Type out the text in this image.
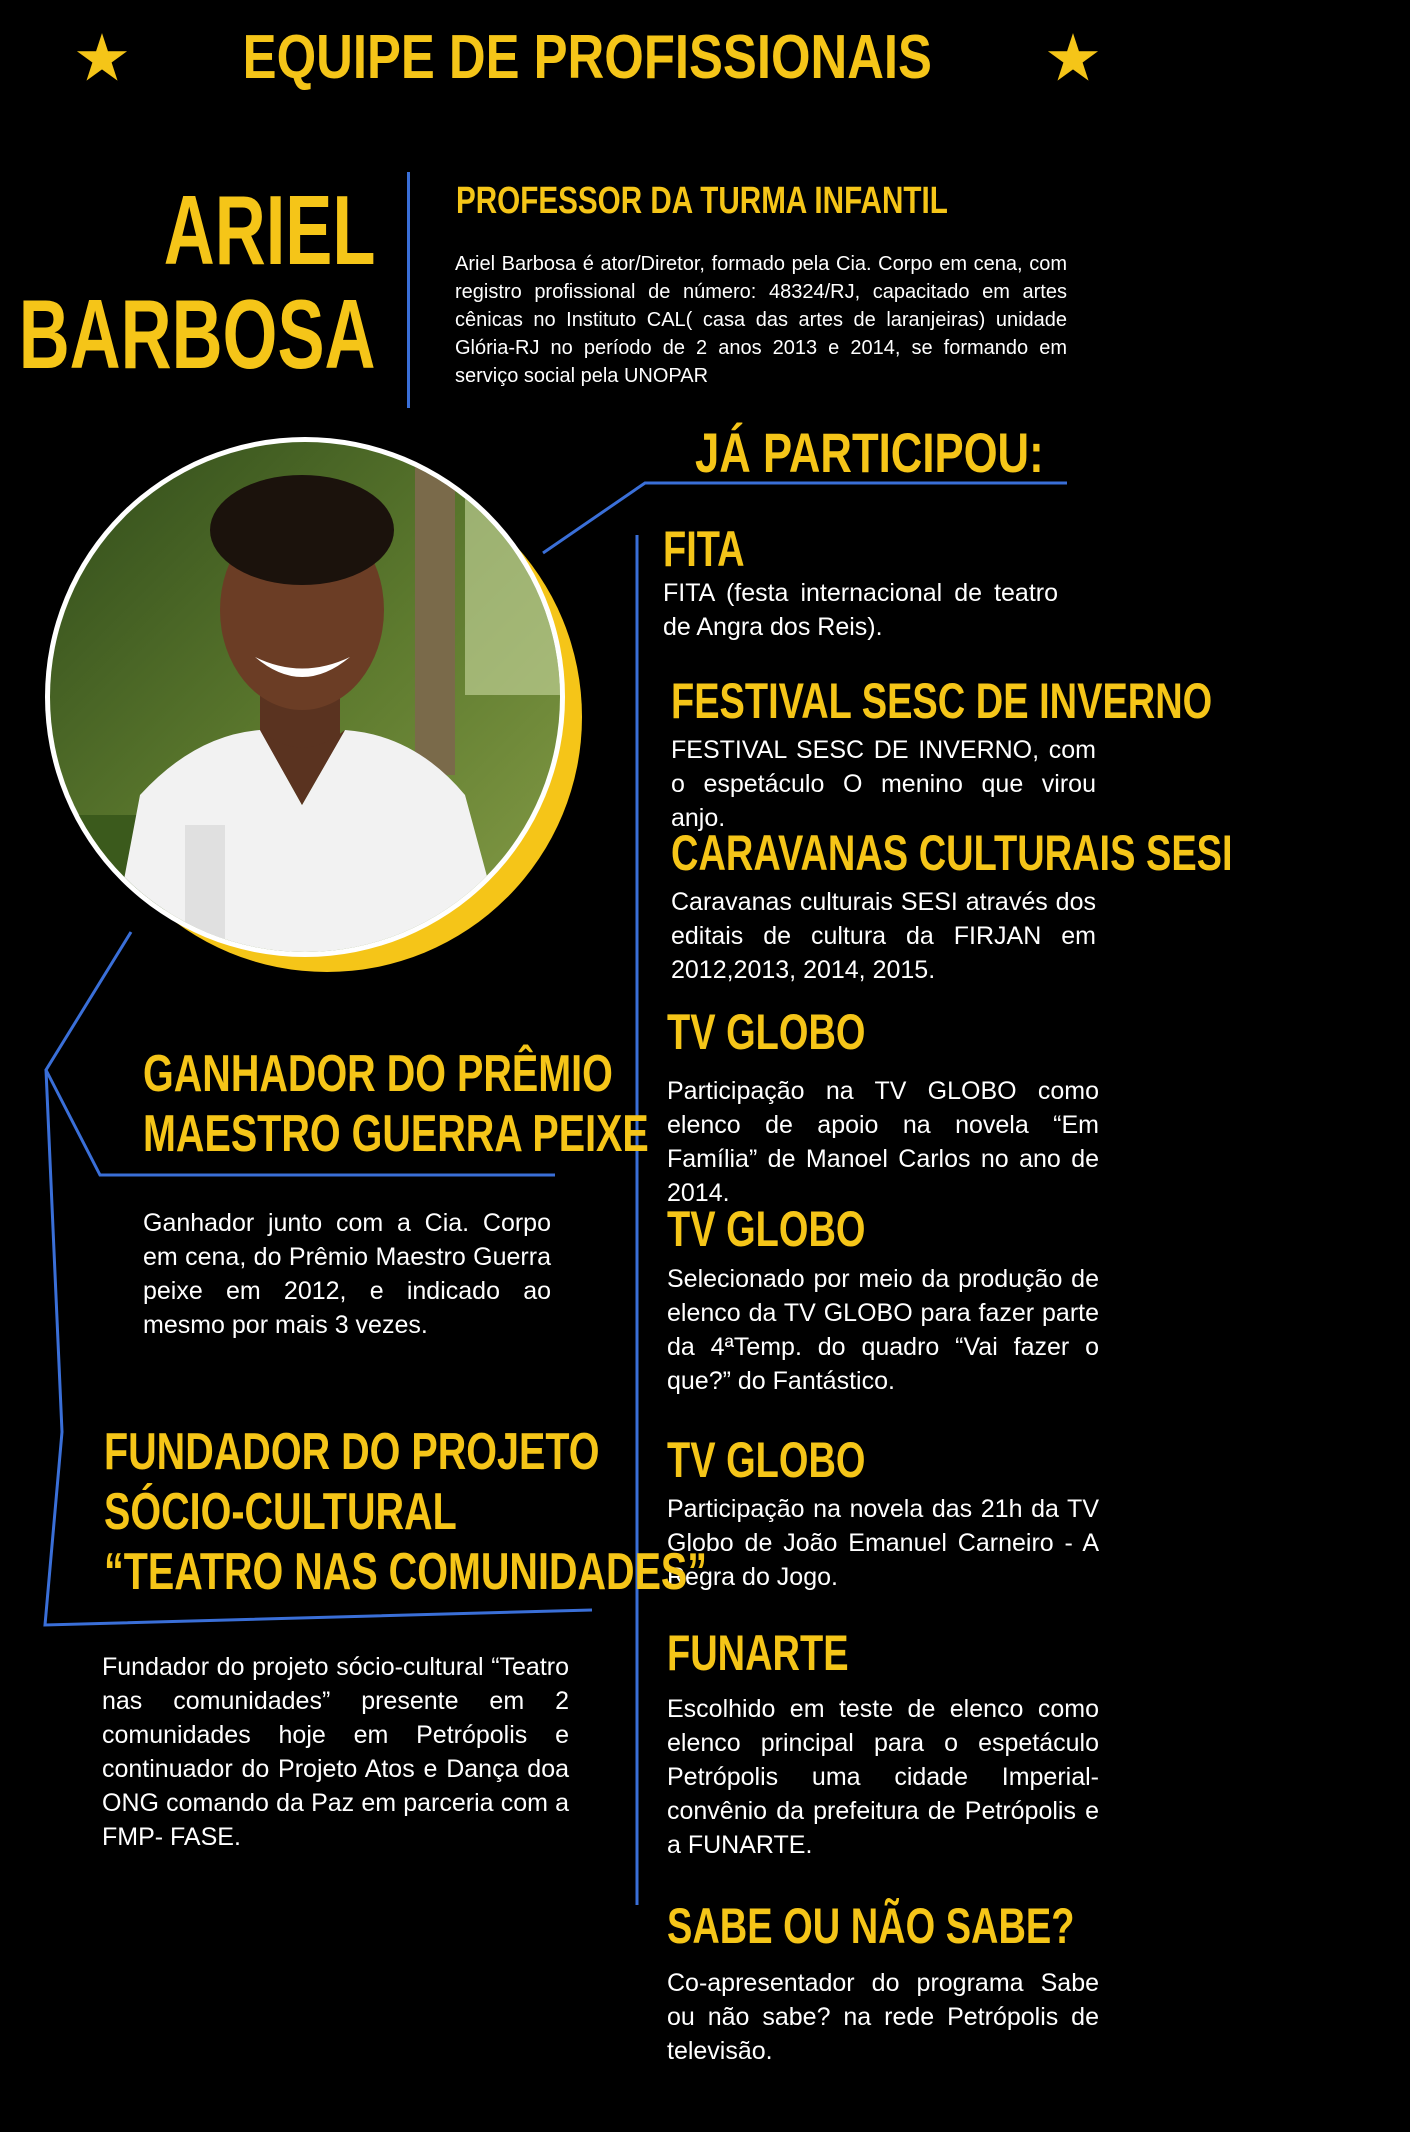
★ EQUIPE DE PROFISSIONAIS ★
ARIEL
BARBOSA
PROFESSOR DA TURMA INFANTIL
Ariel Barbosa é ator/Diretor, formado pela Cia. Corpo em cena, com registro profissional de número: 48324/RJ, capacitado em artes cênicas no Instituto CAL( casa das artes de laranjeiras) unidade Glória-RJ no período de 2 anos 2013 e 2014, se formando em serviço social pela UNOPAR
JÁ PARTICIPOU:
FITA
FITA (festa internacional de teatro de Angra dos Reis).
FESTIVAL SESC DE INVERNO
FESTIVAL SESC DE INVERNO, com o espetáculo O menino que virou anjo.
CARAVANAS CULTURAIS SESI
Caravanas culturais SESI através dos editais de cultura da FIRJAN em 2012,2013, 2014, 2015.
TV GLOBO
Participação na TV GLOBO como elenco de apoio na novela “Em Família” de Manoel Carlos no ano de 2014.
TV GLOBO
Selecionado por meio da produção de elenco da TV GLOBO para fazer parte da 4ªTemp. do quadro “Vai fazer o que?” do Fantástico.
TV GLOBO
Participação na novela das 21h da TV Globo de João Emanuel Carneiro - A Regra do Jogo.
FUNARTE
Escolhido em teste de elenco como elenco principal para o espetáculo Petrópolis uma cidade Imperial- convênio da prefeitura de Petrópolis e a FUNARTE.
SABE OU NÃO SABE?
Co-apresentador do programa Sabe ou não sabe? na rede Petrópolis de televisão.
GANHADOR DO PRÊMIO
MAESTRO GUERRA PEIXE
Ganhador junto com a Cia. Corpo em cena, do Prêmio Maestro Guerra peixe em 2012, e indicado ao mesmo por mais 3 vezes.
FUNDADOR DO PROJETO
SÓCIO-CULTURAL
“TEATRO NAS COMUNIDADES”
Fundador do projeto sócio-cultural “Teatro nas comunidades” presente em 2 comunidades hoje em Petrópolis e continuador do Projeto Atos e Dança doa ONG comando da Paz em parceria com a FMP- FASE.
